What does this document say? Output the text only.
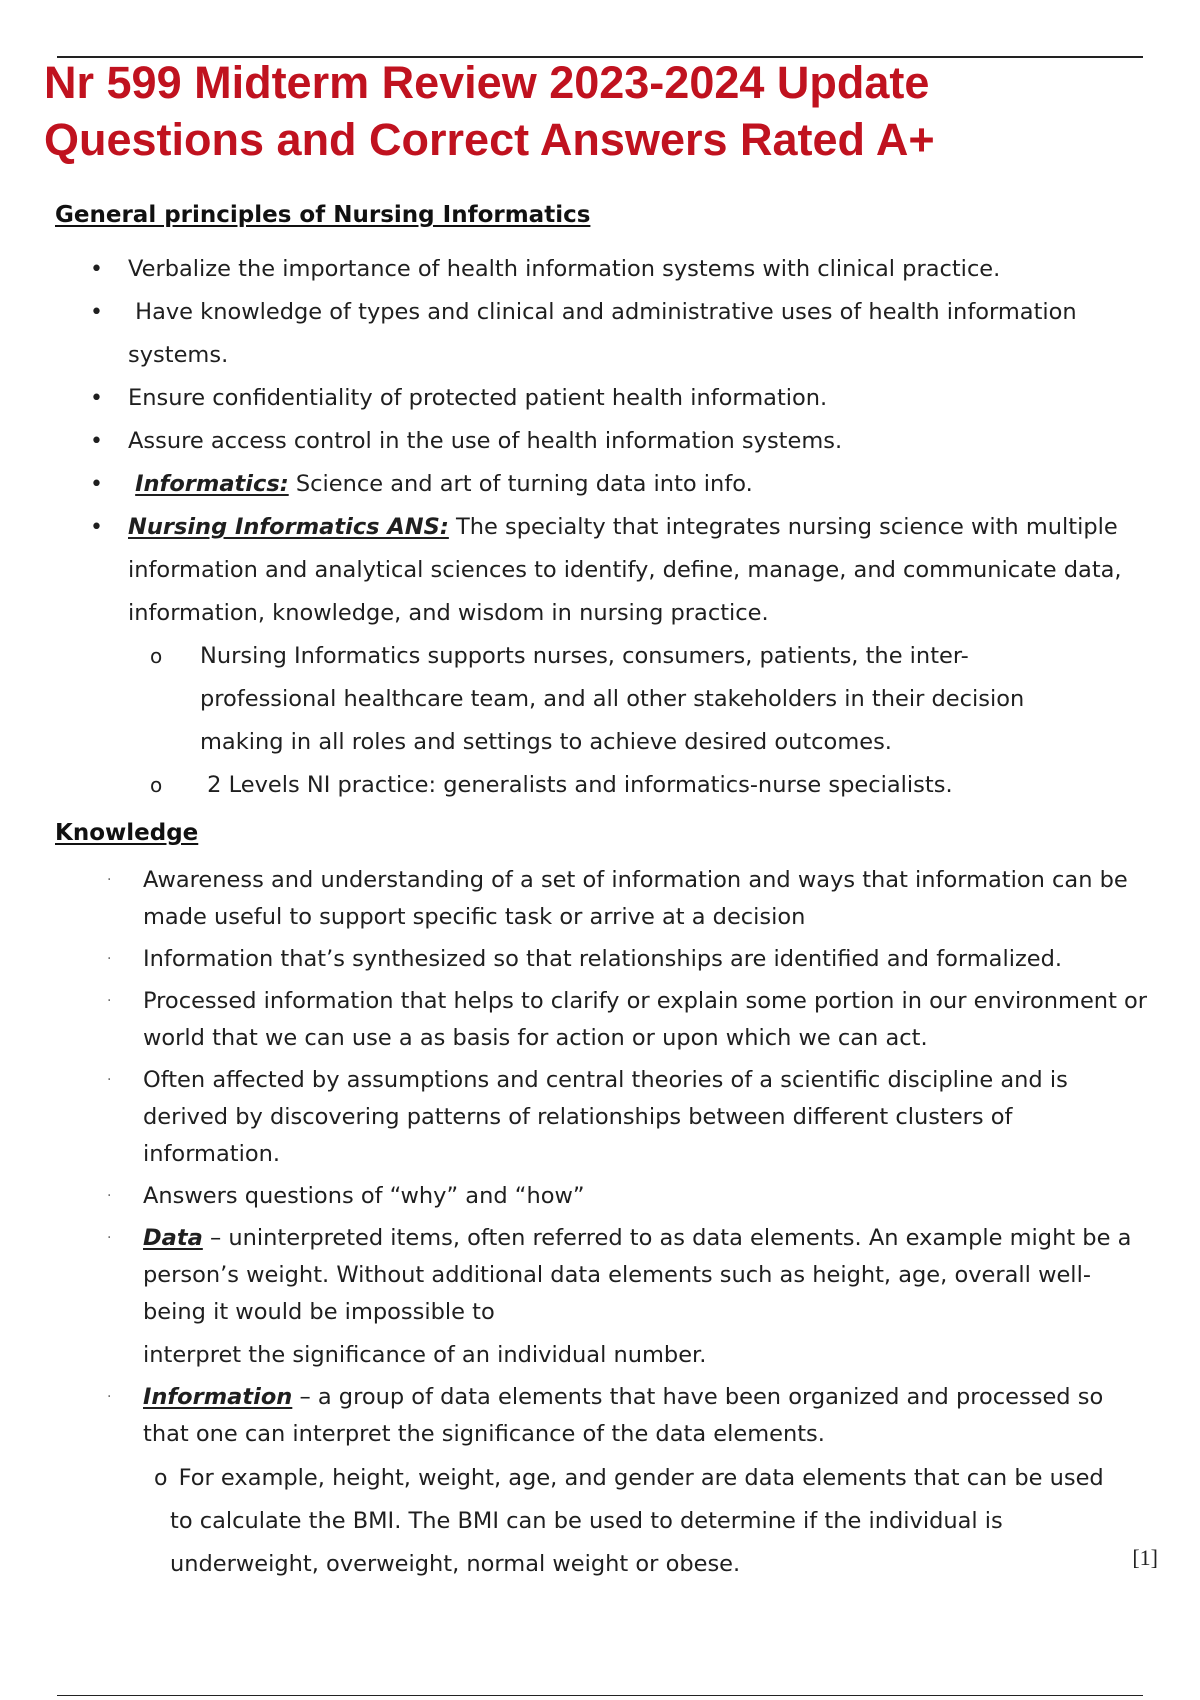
Nr 599 Midterm Review 2023-2024 Update
Questions and Correct Answers Rated A+
General principles of Nursing Informatics
• Verbalize the importance of health information systems with clinical practice.
• Have knowledge of types and clinical and administrative uses of health information systems.
• Ensure confidentiality of protected patient health information.
• Assure access control in the use of health information systems.
• Informatics: Science and art of turning data into info.
• Nursing Informatics ANS: The specialty that integrates nursing science with multiple information and analytical sciences to identify, define, manage, and communicate data, information, knowledge, and wisdom in nursing practice.
o Nursing Informatics supports nurses, consumers, patients, the inter-professional healthcare team, and all other stakeholders in their decision making in all roles and settings to achieve desired outcomes.
o 2 Levels NI practice: generalists and informatics-nurse specialists.
Knowledge
· Awareness and understanding of a set of information and ways that information can be made useful to support specific task or arrive at a decision
· Information that’s synthesized so that relationships are identified and formalized.
· Processed information that helps to clarify or explain some portion in our environment or world that we can use a as basis for action or upon which we can act.
· Often affected by assumptions and central theories of a scientific discipline and is derived by discovering patterns of relationships between different clusters of information.
· Answers questions of “why” and “how”
· Data – uninterpreted items, often referred to as data elements. An example might be a person’s weight. Without additional data elements such as height, age, overall well-being it would be impossible to
interpret the significance of an individual number.
· Information – a group of data elements that have been organized and processed so that one can interpret the significance of the data elements.
o For example, height, weight, age, and gender are data elements that can be used to calculate the BMI. The BMI can be used to determine if the individual is underweight, overweight, normal weight or obese.	[1]
